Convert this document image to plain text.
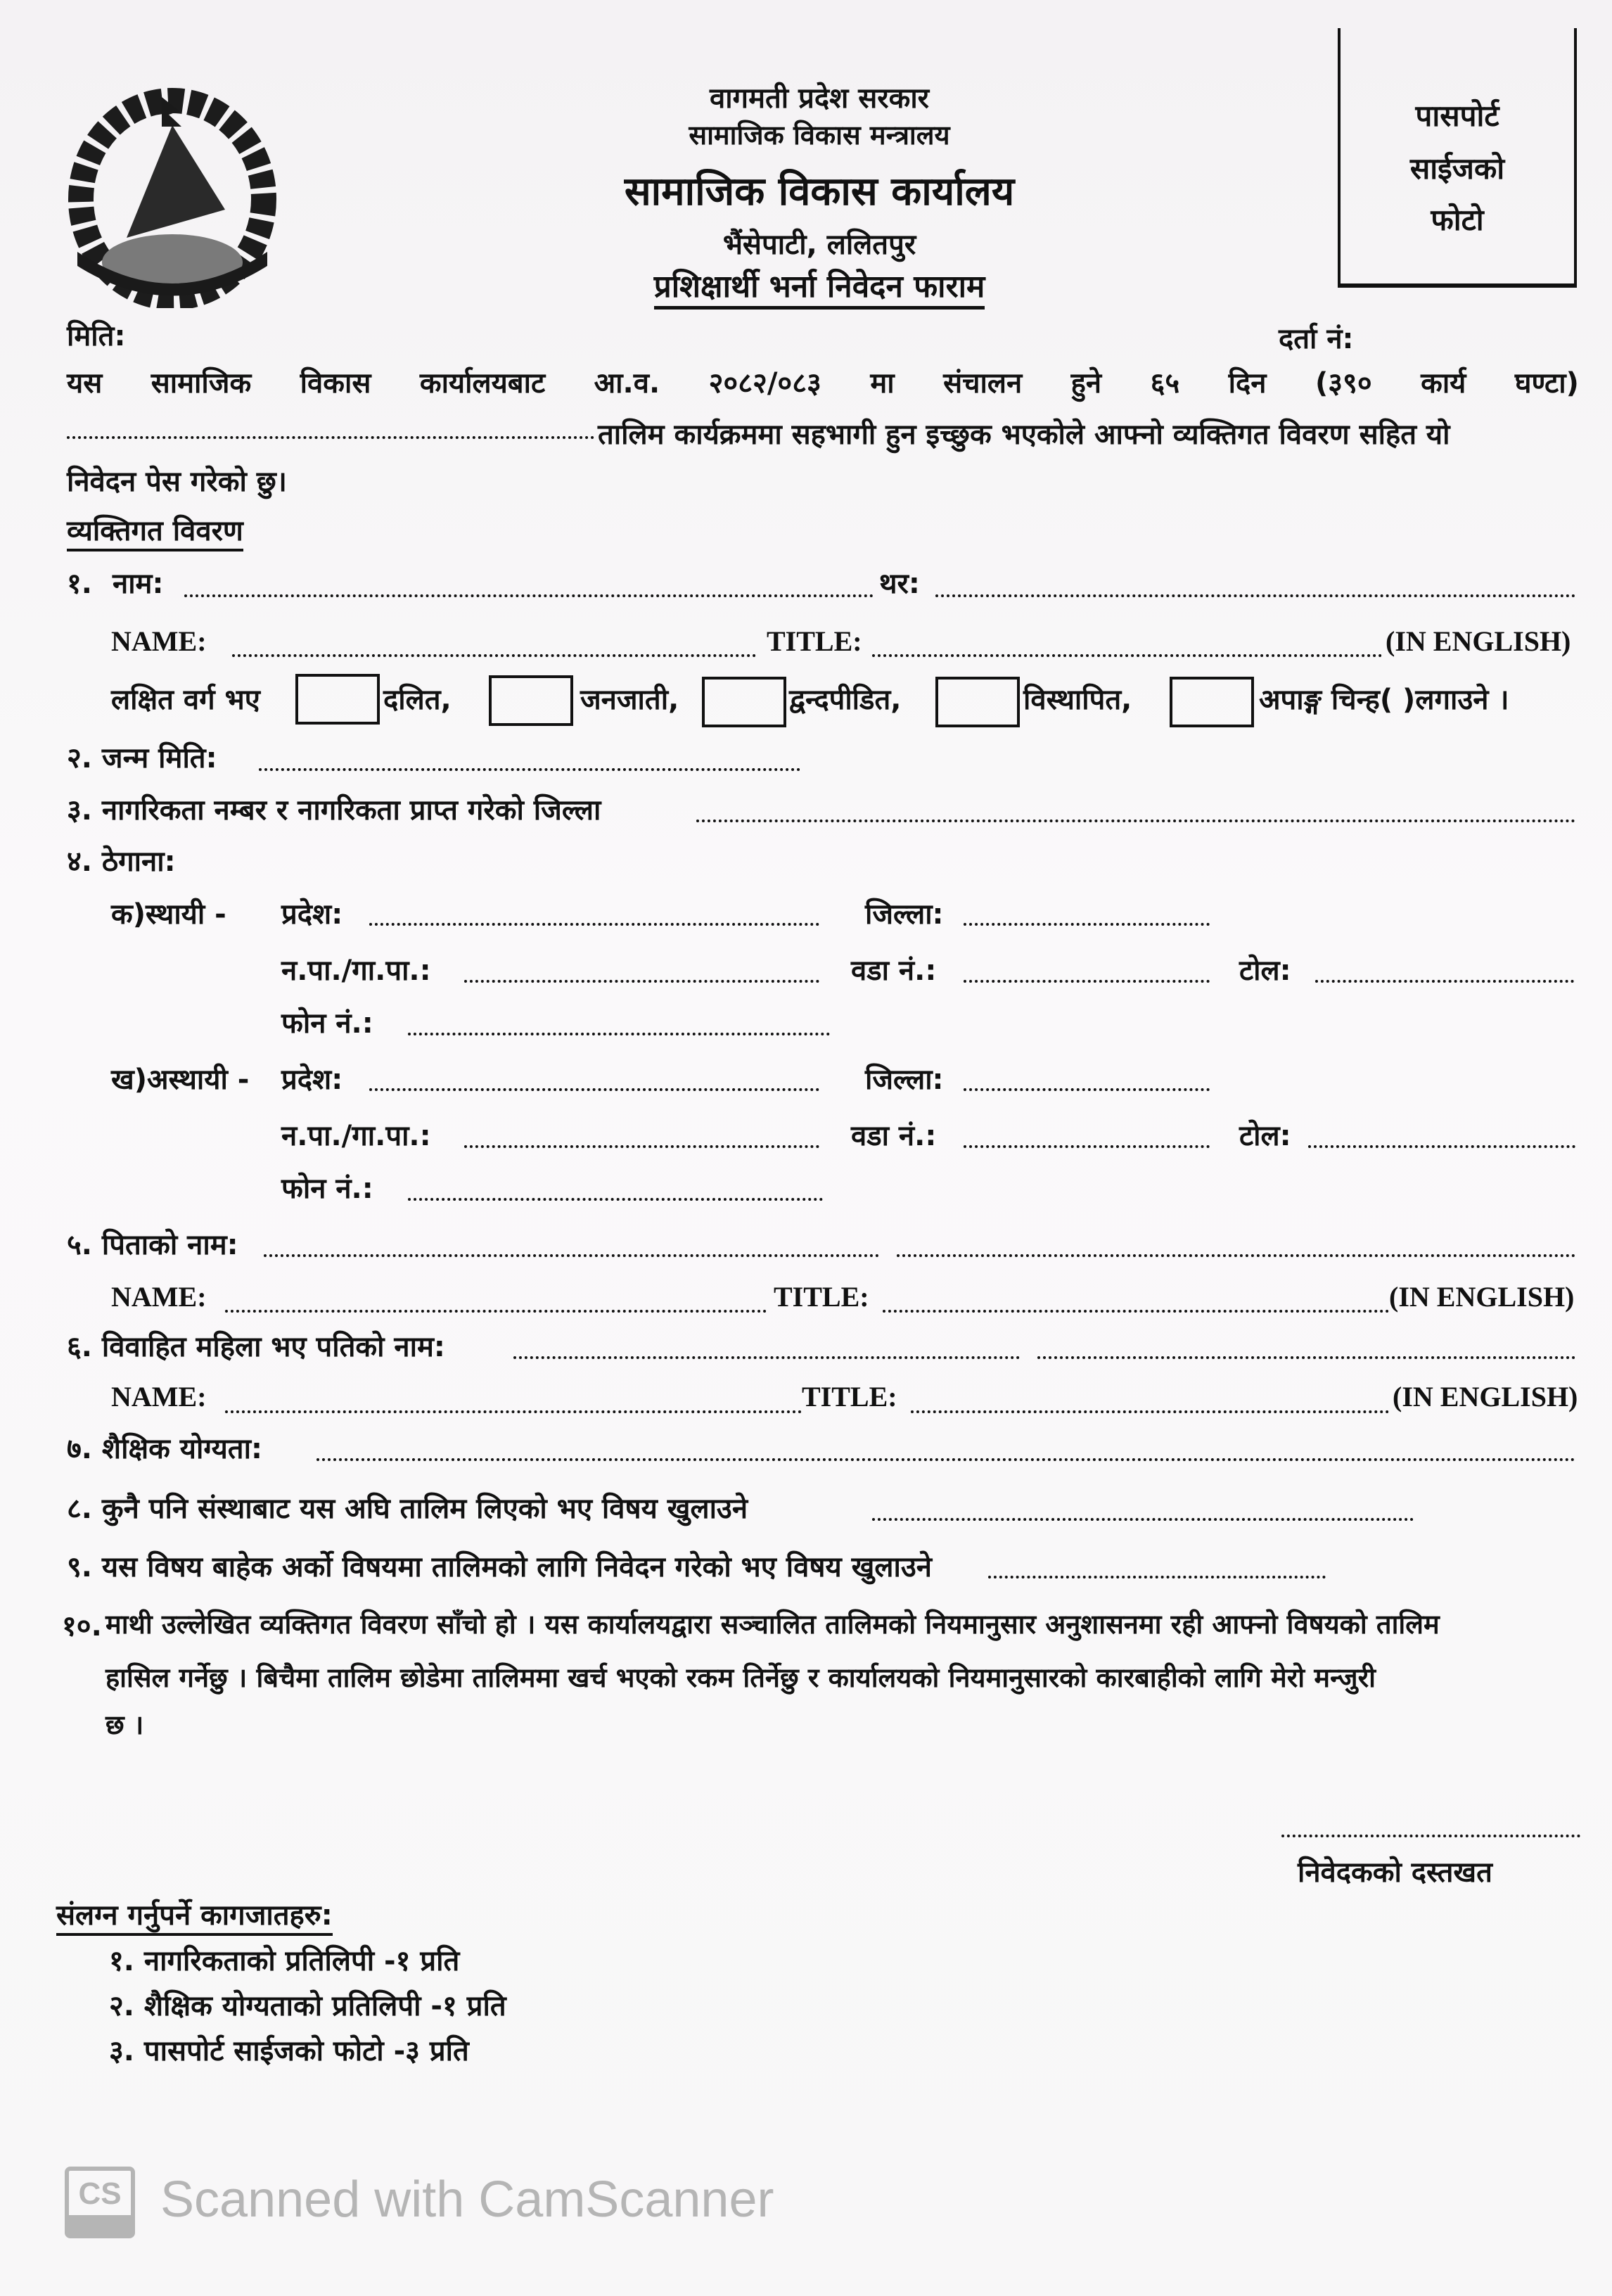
वागमती प्रदेश सरकार
सामाजिक विकास मन्त्रालय
सामाजिक विकास कार्यालय
भैंसेपाटी, ललितपुर
प्रशिक्षार्थी भर्ना निवेदन फाराम
पासपोर्ट
साईजको
फोटो
मिति:	दर्ता नं:
यस सामाजिक विकास कार्यालयबाट आ.व. २०८२/०८३ मा संचालन हुने ६५ दिन (३९० कार्य घण्टा)
तालिम कार्यक्रममा सहभागी हुन इच्छुक भएकोले आफ्नो व्यक्तिगत विवरण सहित यो
निवेदन पेस गरेको छु।
व्यक्तिगत विवरण
१. नाम:	थर:
NAME:	TITLE:	(IN ENGLISH)
लक्षित वर्ग भए	दलित,	जनजाती,	द्वन्दपीडित,	विस्थापित,	अपाङ्ग चिन्ह( )लगाउने ।
२. जन्म मिति:
३. नागरिकता नम्बर र नागरिकता प्राप्त गरेको जिल्ला
४. ठेगाना:
क)स्थायी - प्रदेश:	जिल्ला:
न.पा./गा.पा.:	वडा नं.:	टोल:
फोन नं.:
ख)अस्थायी - प्रदेश:	जिल्ला:
न.पा./गा.पा.:	वडा नं.:	टोल:
फोन नं.:
५. पिताको नाम:
NAME:	TITLE:	(IN ENGLISH)
६. विवाहित महिला भए पतिको नाम:
NAME:	TITLE:	(IN ENGLISH)
७. शैक्षिक योग्यता:
८. कुनै पनि संस्थाबाट यस अघि तालिम लिएको भए विषय खुलाउने
९. यस विषय बाहेक अर्को विषयमा तालिमको लागि निवेदन गरेको भए विषय खुलाउने
१०. माथी उल्लेखित व्यक्तिगत विवरण साँचो हो । यस कार्यालयद्वारा सञ्चालित तालिमको नियमानुसार अनुशासनमा रही आफ्नो विषयको तालिम
हासिल गर्नेछु । बिचैमा तालिम छोडेमा तालिममा खर्च भएको रकम तिर्नेछु र कार्यालयको नियमानुसारको कारबाहीको लागि मेरो मन्जुरी
छ ।
निवेदकको दस्तखत
संलग्न गर्नुपर्ने कागजातहरु:
१. नागरिकताको प्रतिलिपी -१ प्रति
२. शैक्षिक योग्यताको प्रतिलिपी -१ प्रति
३. पासपोर्ट साईजको फोटो -३ प्रति
CS Scanned with CamScanner
